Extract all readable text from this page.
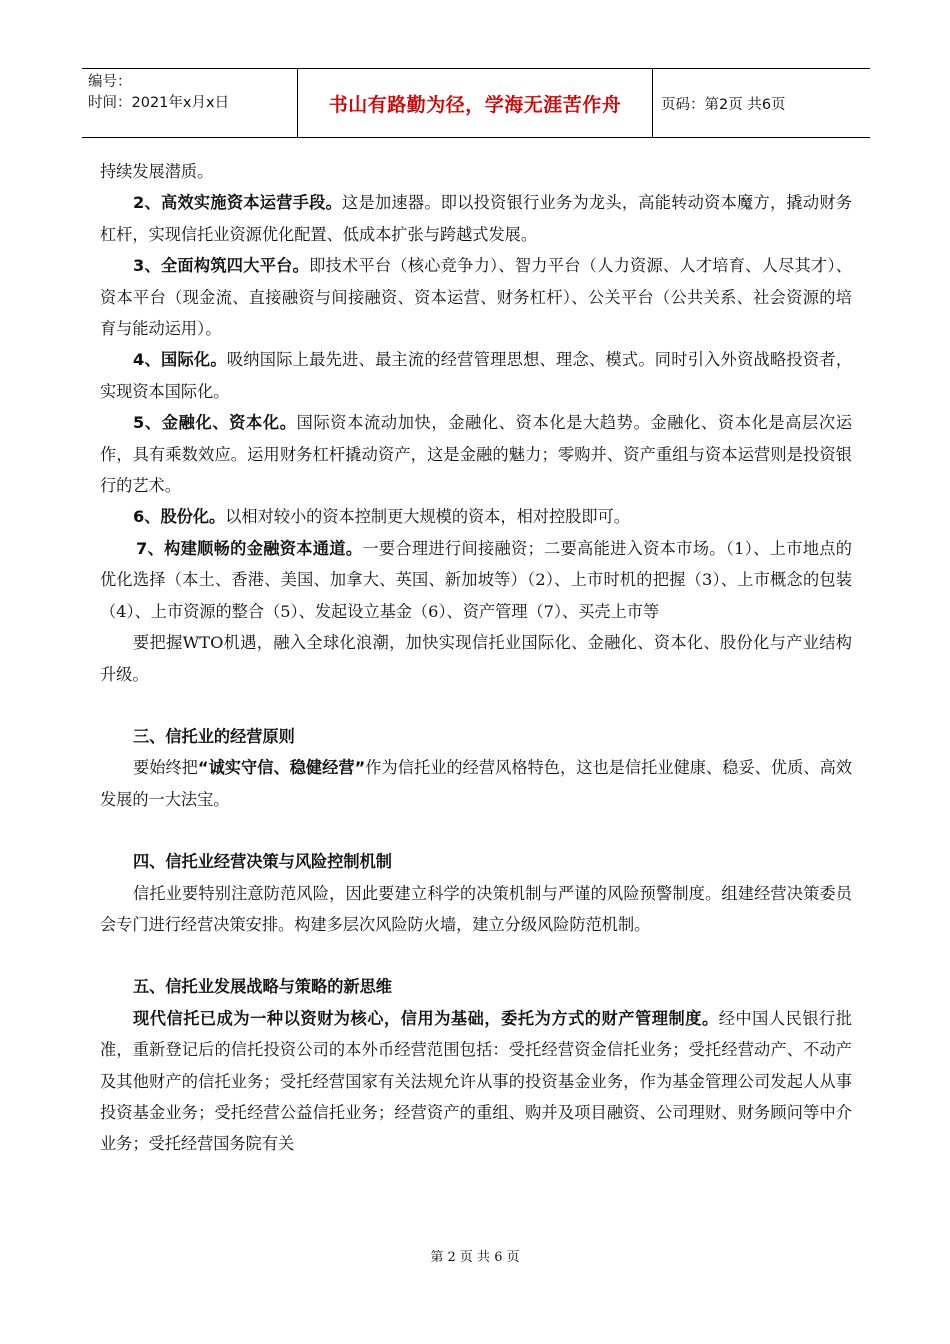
编号：
时间：2021年x月x日	书山有路勤为径，学海无涯苦作舟	页码：第2页 共6页

持续发展潜质。

2、高效实施资本运营手段。这是加速器。即以投资银行业务为龙头，高能转动资本魔方，撬动财务杠杆，实现信托业资源优化配置、低成本扩张与跨越式发展。

3、全面构筑四大平台。即技术平台（核心竞争力）、智力平台（人力资源、人才培育、人尽其才）、资本平台（现金流、直接融资与间接融资、资本运营、财务杠杆）、公关平台（公共关系、社会资源的培育与能动运用）。

4、国际化。吸纳国际上最先进、最主流的经营管理思想、理念、模式。同时引入外资战略投资者，实现资本国际化。

5、金融化、资本化。国际资本流动加快，金融化、资本化是大趋势。金融化、资本化是高层次运作，具有乘数效应。运用财务杠杆撬动资产，这是金融的魅力；零购并、资产重组与资本运营则是投资银行的艺术。

6、股份化。以相对较小的资本控制更大规模的资本，相对控股即可。

7、构建顺畅的金融资本通道。一要合理进行间接融资；二要高能进入资本市场。（1）、上市地点的优化选择（本土、香港、美国、加拿大、英国、新加坡等）（2）、上市时机的把握（3）、上市概念的包装（4）、上市资源的整合（5）、发起设立基金（6）、资产管理（7）、买壳上市等

要把握WTO机遇，融入全球化浪潮，加快实现信托业国际化、金融化、资本化、股份化与产业结构升级。

三、信托业的经营原则

要始终把“诚实守信、稳健经营”作为信托业的经营风格特色，这也是信托业健康、稳妥、优质、高效发展的一大法宝。

四、信托业经营决策与风险控制机制

信托业要特别注意防范风险，因此要建立科学的决策机制与严谨的风险预警制度。组建经营决策委员会专门进行经营决策安排。构建多层次风险防火墙，建立分级风险防范机制。

五、信托业发展战略与策略的新思维

现代信托已成为一种以资财为核心，信用为基础，委托为方式的财产管理制度。经中国人民银行批准，重新登记后的信托投资公司的本外币经营范围包括：受托经营资金信托业务；受托经营动产、不动产及其他财产的信托业务；受托经营国家有关法规允许从事的投资基金业务，作为基金管理公司发起人从事投资基金业务；受托经营公益信托业务；经营资产的重组、购并及项目融资、公司理财、财务顾问等中介业务；受托经营国务院有关

第 2 页 共 6 页
